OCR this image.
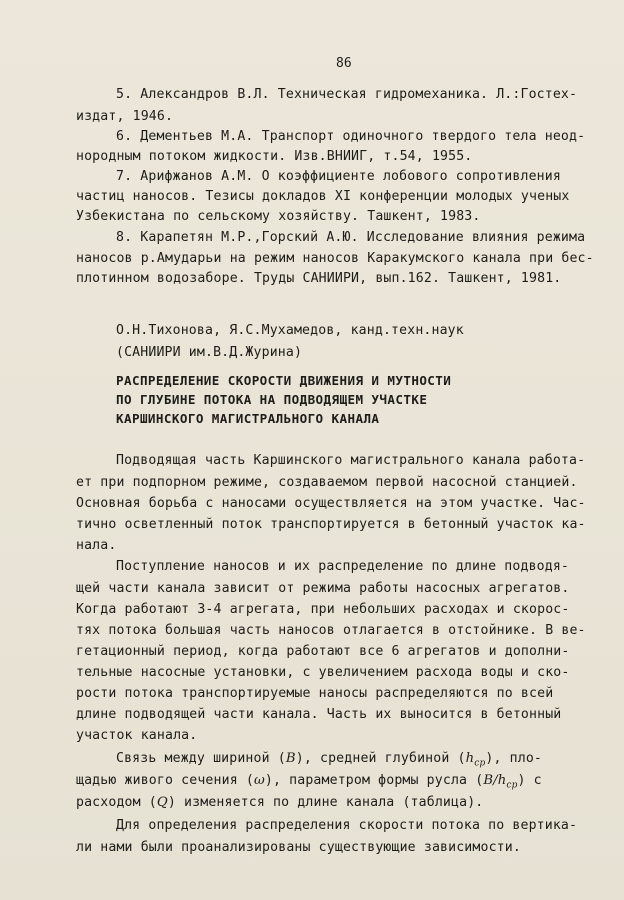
86
5. Александров В.Л. Техническая гидромеханика. Л.:Гостех-
издат, 1946.
6. Дементьев М.А. Транспорт одиночного твердого тела неод-
нородным потоком жидкости. Изв.ВНИИГ, т.54, 1955.
7. Арифжанов А.М. О коэффициенте лобового сопротивления
частиц наносов. Тезисы докладов XI конференции молодых ученых
Узбекистана по сельскому хозяйству. Ташкент, 1983.
8. Карапетян М.Р.,Горский А.Ю. Исследование влияния режима
наносов р.Амударьи на режим наносов Каракумского канала при бес-
плотинном водозаборе. Труды САНИИРИ, вып.162. Ташкент, 1981.
О.Н.Тихонова, Я.С.Мухамедов, канд.техн.наук
(САНИИРИ им.В.Д.Журина)
РАСПРЕДЕЛЕНИЕ СКОРОСТИ ДВИЖЕНИЯ И МУТНОСТИ
ПО ГЛУБИНЕ ПОТОКА НА ПОДВОДЯЩЕМ УЧАСТКЕ
КАРШИНСКОГО МАГИСТРАЛЬНОГО КАНАЛА
Подводящая часть Каршинского магистрального канала работа-
ет при подпорном режиме, создаваемом первой насосной станцией.
Основная борьба с наносами осуществляется на этом участке. Час-
тично осветленный поток транспортируется в бетонный участок ка-
нала.
Поступление наносов и их распределение по длине подводя-
щей части канала зависит от режима работы насосных агрегатов.
Когда работают 3-4 агрегата, при небольших расходах и скорос-
тях потока большая часть наносов отлагается в отстойнике. В ве-
гетационный период, когда работают все 6 агрегатов и дополни-
тельные насосные установки, с увеличением расхода воды и ско-
рости потока транспортируемые наносы распределяются по всей
длине подводящей части канала. Часть их выносится в бетонный
участок канала.
Связь между шириной (B), средней глубиной $(h_{ср})$, пло-
щадью живого сечения (ω), параметром формы русла $(B/h_{ср})$ с
расходом (Q) изменяется по длине канала (таблица).
Для определения распределения скорости потока по вертика-
ли нами были проанализированы существующие зависимости.
